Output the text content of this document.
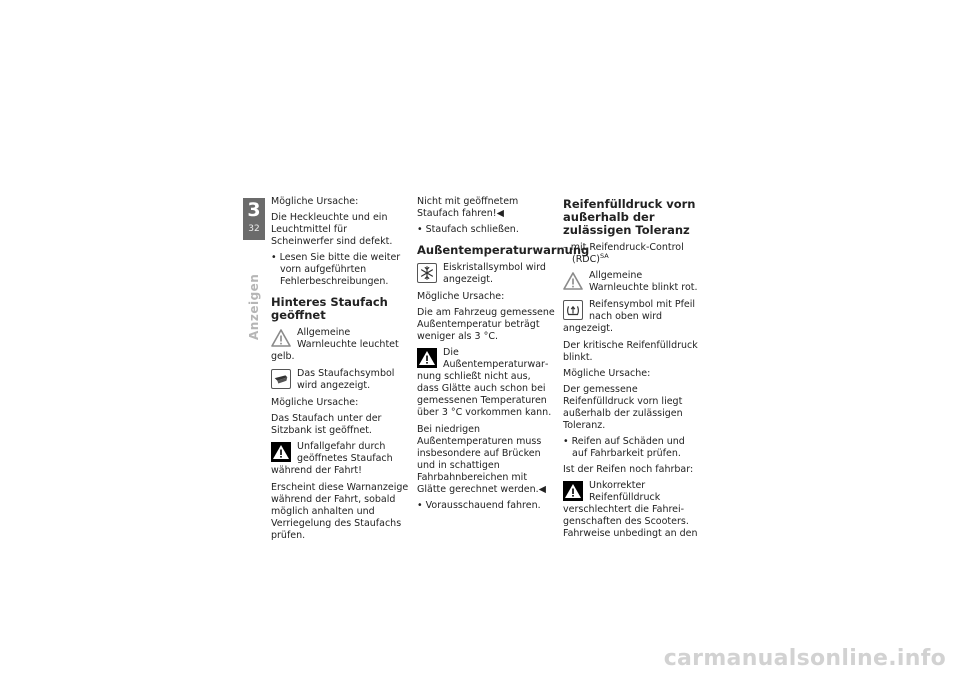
3
32
Anzeigen

Mögliche Ursache:

Die Heckleuchte und ein Leuchtmittel für Scheinwerfer sind defekt.

• Lesen Sie bitte die weiter vorn aufgeführten Fehlerbeschreibungen.
Hinteres Staufach geöffnet
Allgemeine Warnleuchte leuchtet gelb.
Das Staufachsymbol wird angezeigt.

Mögliche Ursache:

Das Staufach unter der Sitzbank ist geöffnet.

Unfallgefahr durch geöffnetes Staufach während der Fahrt!

Erscheint diese Warnanzeige während der Fahrt, sobald möglich anhalten und Verriegelung des Staufachs prüfen.

Nicht mit geöffnetem Staufach fahren!◀

• Staufach schließen.
Außentemperaturwarnung
Eiskristallsymbol wird angezeigt.

Mögliche Ursache:

Die am Fahrzeug gemessene Außentemperatur beträgt weniger als 3 °C.

Die Außentemperaturwarnung schließt nicht aus, dass Glätte auch schon bei gemessenen Temperaturen über 3 °C vorkommen kann.

Bei niedrigen Außentemperaturen muss insbesondere auf Brücken und in schattigen Fahrbahnbereichen mit Glätte gerechnet werden.◀

• Vorausschauend fahren.
Reifenfülldruck vorn außerhalb der zulässigen Toleranz
– mit Reifendruck-Control (RDC)$^{SA}$
Allgemeine Warnleuchte blinkt rot.
Reifensymbol mit Pfeil nach oben wird angezeigt.

Der kritische Reifenfülldruck blinkt.

Mögliche Ursache:

Der gemessene Reifenfülldruck vorn liegt außerhalb der zulässigen Toleranz.

• Reifen auf Schäden und auf Fahrbarkeit prüfen.

Ist der Reifen noch fahrbar:

Unkorrekter Reifenfülldruck verschlechtert die Fahreigenschaften des Scooters. Fahrweise unbedingt an den
carmanualsonline.info
